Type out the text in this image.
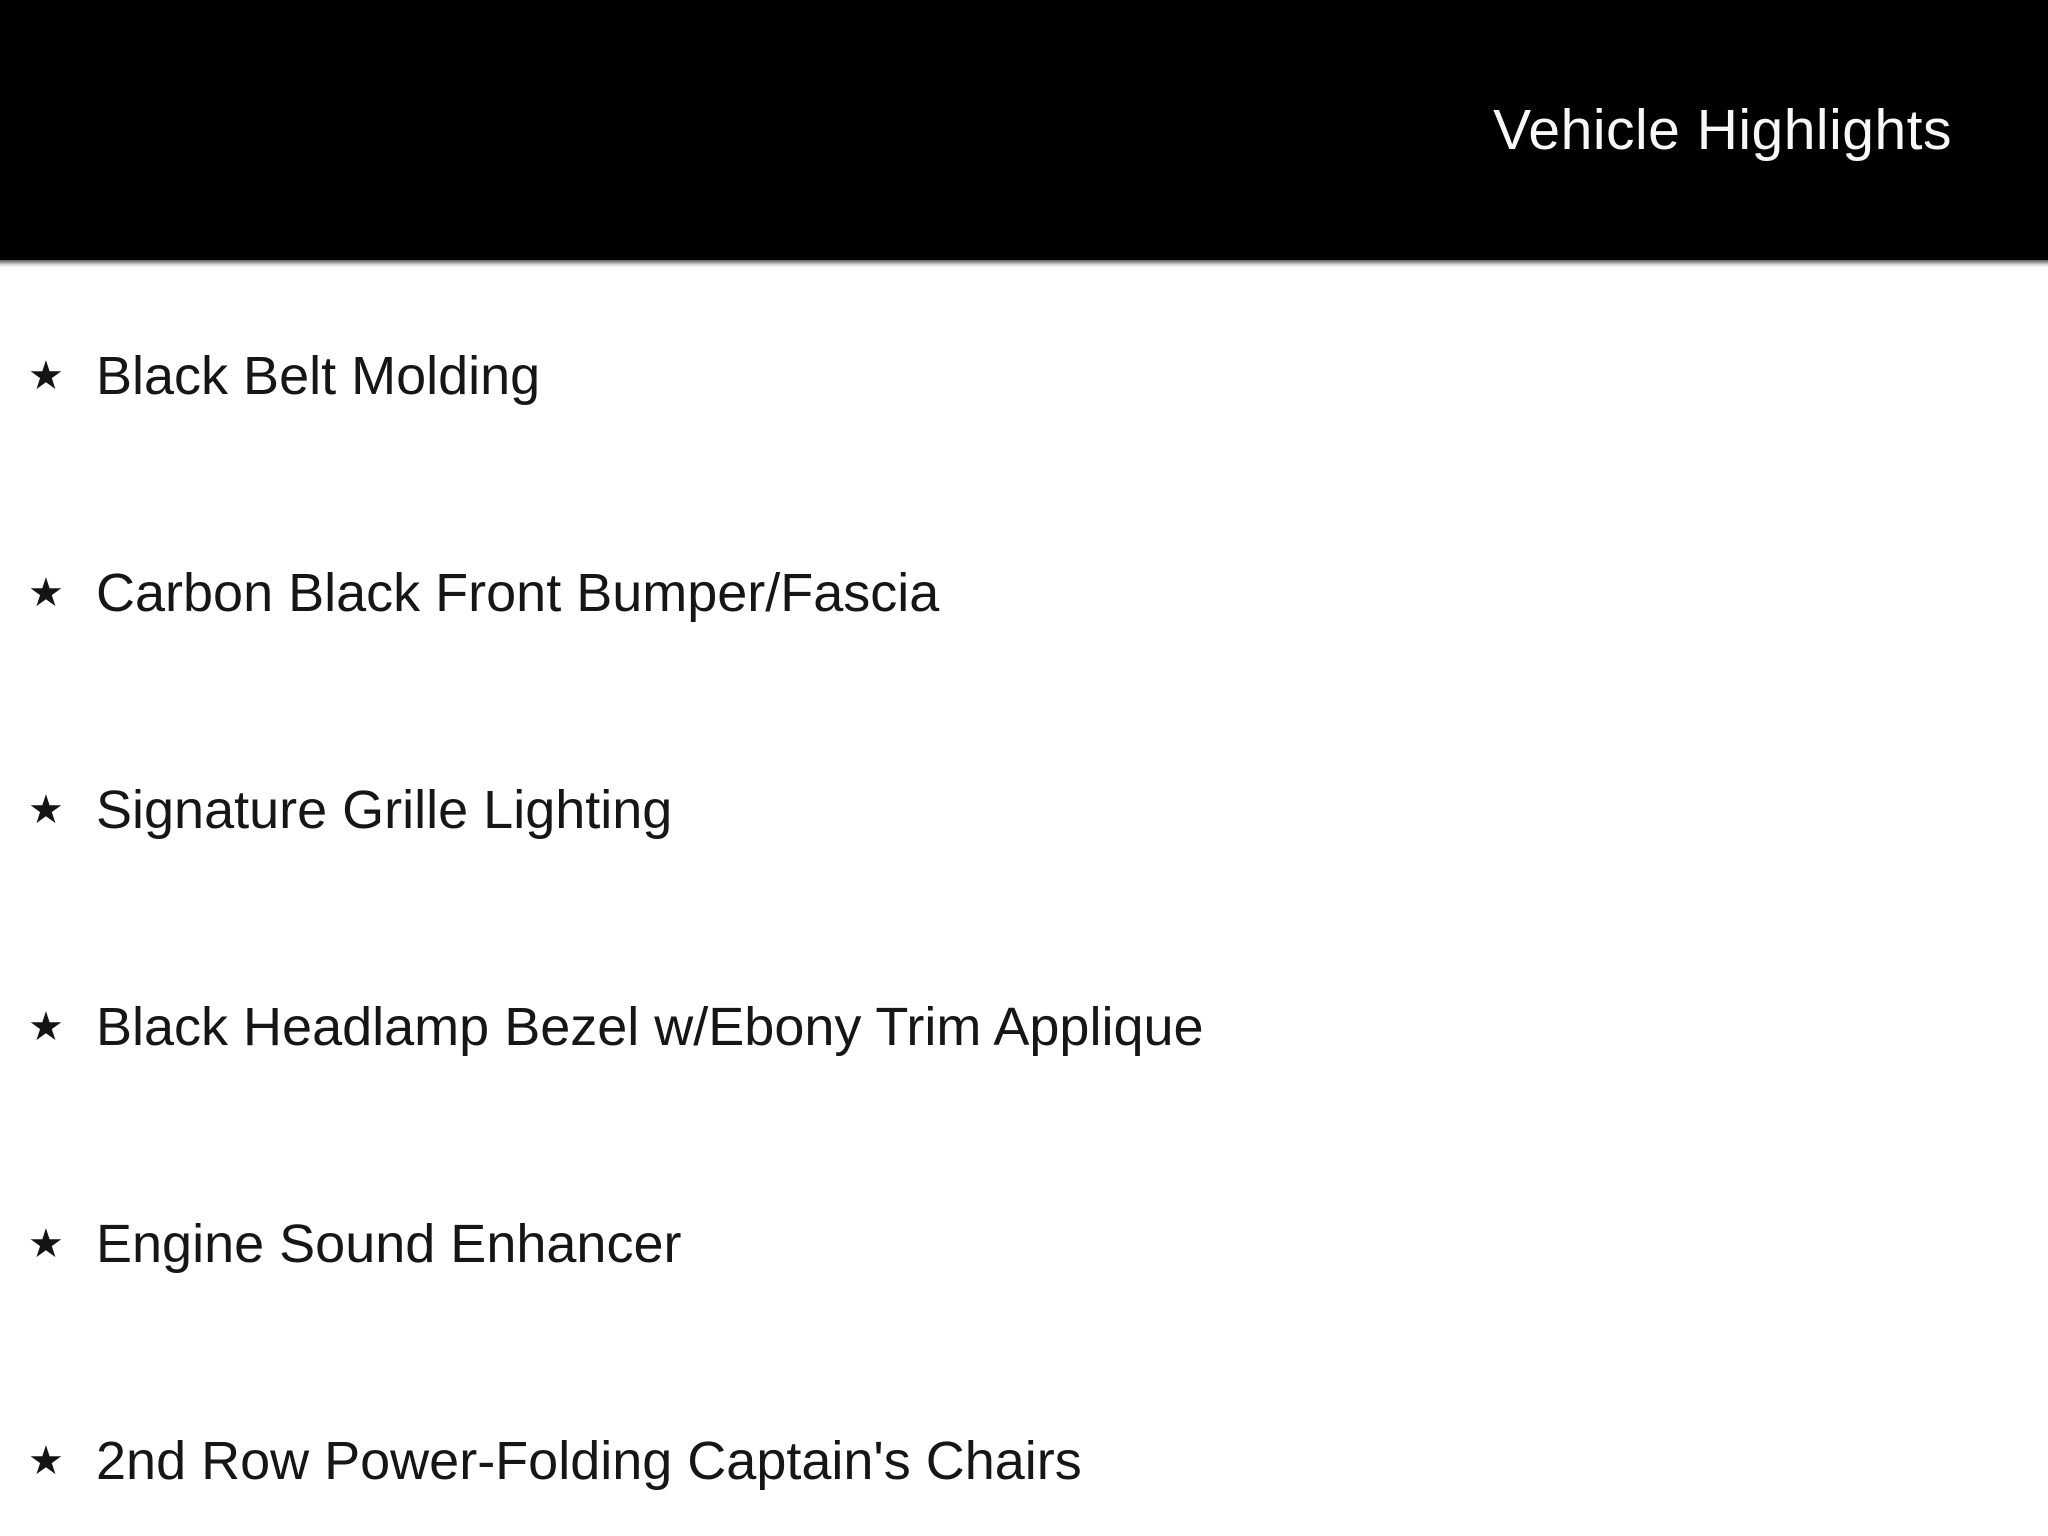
Vehicle Highlights
★ Black Belt Molding
★ Carbon Black Front Bumper/Fascia
★ Signature Grille Lighting
★ Black Headlamp Bezel w/Ebony Trim Applique
★ Engine Sound Enhancer
★ 2nd Row Power-Folding Captain's Chairs
